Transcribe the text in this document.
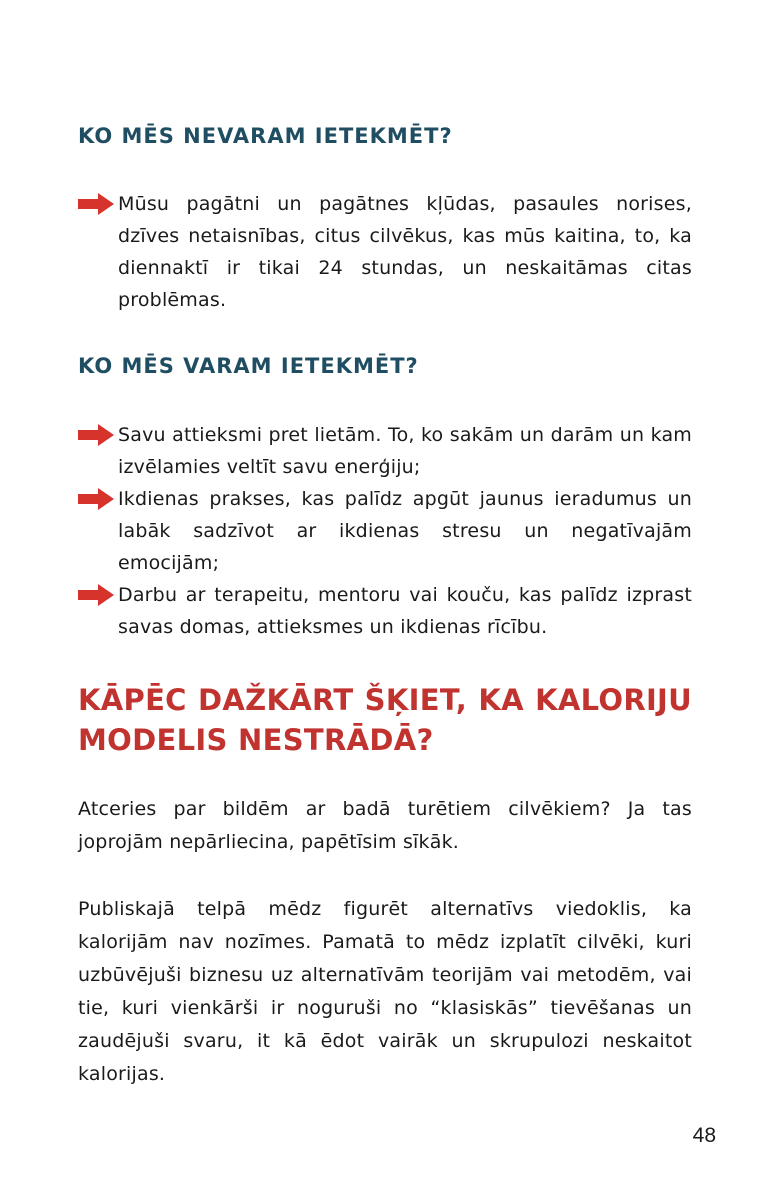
KO MĒS NEVARAM IETEKMĒT?
Mūsu pagātni un pagātnes kļūdas, pasaules norises, dzīves netaisnības, citus cilvēkus, kas mūs kaitina, to, ka diennaktī ir tikai 24 stundas, un neskaitāmas citas problēmas.
KO MĒS VARAM IETEKMĒT?
Savu attieksmi pret lietām. To, ko sakām un darām un kam izvēlamies veltīt savu enerģiju;
Ikdienas prakses, kas palīdz apgūt jaunus ieradumus un labāk sadzīvot ar ikdienas stresu un negatīvajām emocijām;
Darbu ar terapeitu, mentoru vai kouču, kas palīdz izprast savas domas, attieksmes un ikdienas rīcību.
KĀPĒC DAŽKĀRT ŠĶIET, KA KALORIJU MODELIS NESTRĀDĀ?

Atceries par bildēm ar badā turētiem cilvēkiem? Ja tas joprojām nepārliecina, papētīsim sīkāk.

Publiskajā telpā mēdz figurēt alternatīvs viedoklis, ka kalorijām nav nozīmes. Pamatā to mēdz izplatīt cilvēki, kuri uzbūvējuši biznesu uz alternatīvām teorijām vai metodēm, vai tie, kuri vienkārši ir noguruši no “klasiskās” tievēšanas un zaudējuši svaru, it kā ēdot vairāk un skrupulozi neskaitot kalorijas.

48
